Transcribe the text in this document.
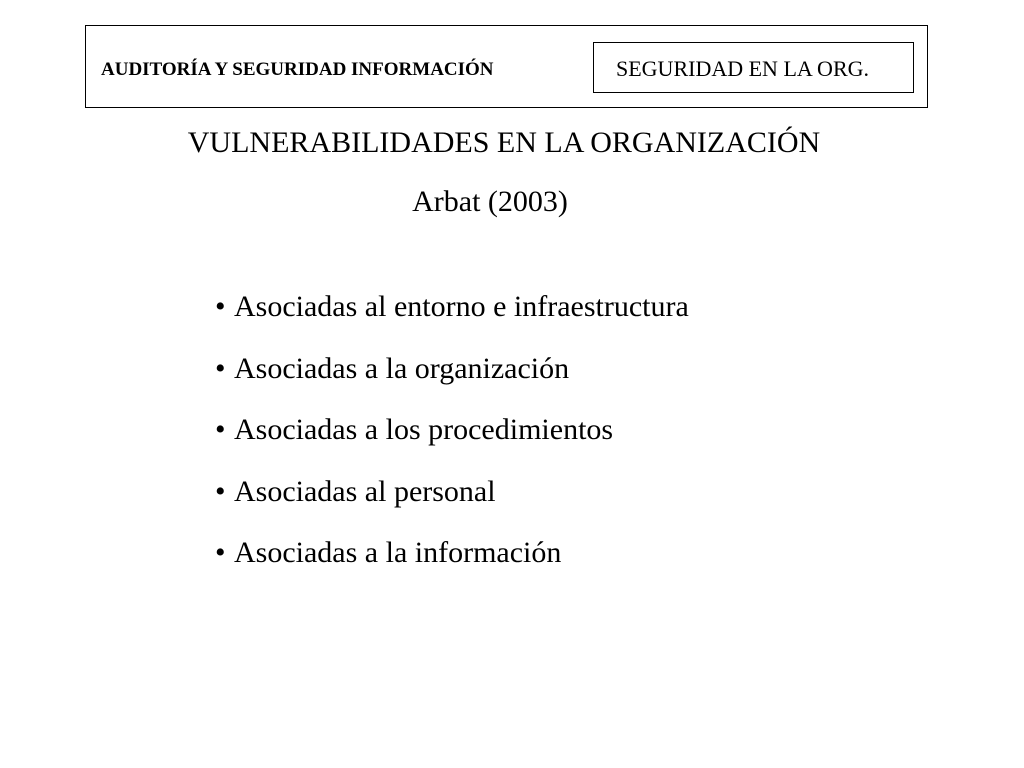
AUDITORÍA Y SEGURIDAD INFORMACIÓN	SEGURIDAD EN LA ORG.
VULNERABILIDADES EN LA ORGANIZACIÓN
Arbat (2003)
• Asociadas al entorno e infraestructura
• Asociadas a la organización
• Asociadas a los procedimientos
• Asociadas al personal
• Asociadas a la información
